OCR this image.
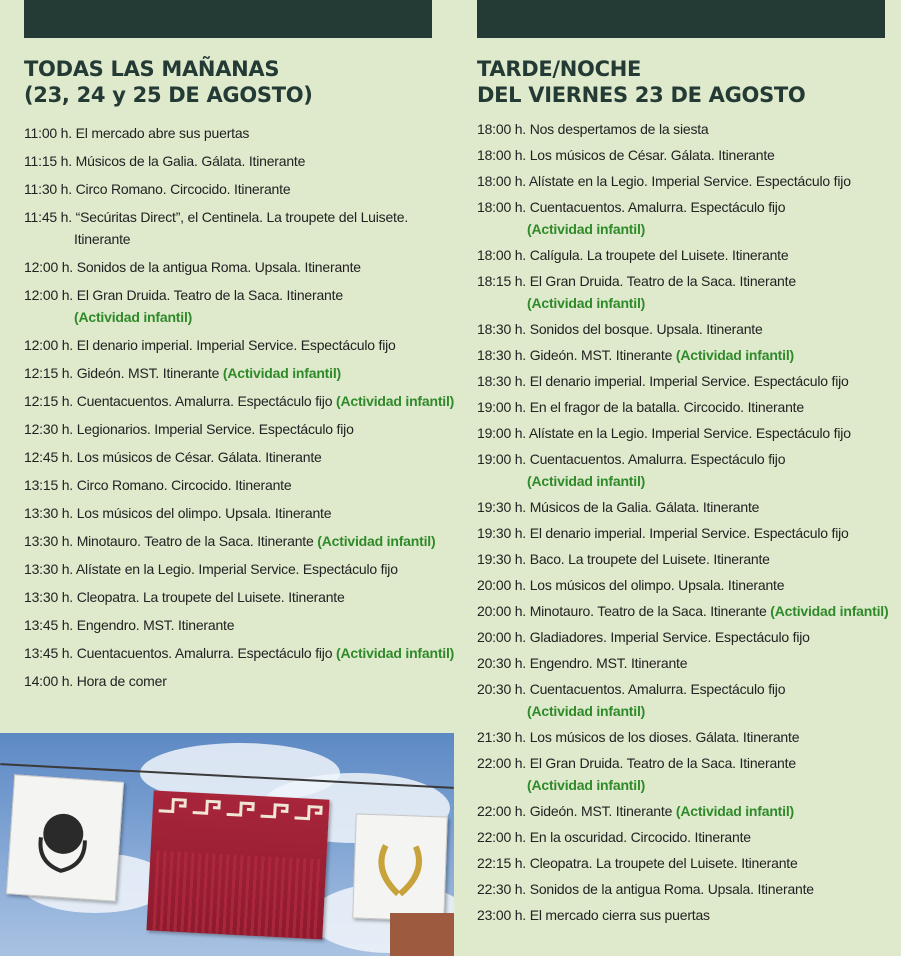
TODAS LAS MAÑANAS
(23, 24 y 25 DE AGOSTO)
11:00 h. El mercado abre sus puertas
11:15 h. Músicos de la Galia. Gálata. Itinerante
11:30 h. Circo Romano. Circocido. Itinerante
11:45 h. “Secúritas Direct”, el Centinela. La troupete del Luisete.
Itinerante
12:00 h. Sonidos de la antigua Roma. Upsala. Itinerante
12:00 h. El Gran Druida. Teatro de la Saca. Itinerante
(Actividad infantil)
12:00 h. El denario imperial. Imperial Service. Espectáculo fijo
12:15 h. Gideón. MST. Itinerante (Actividad infantil)
12:15 h. Cuentacuentos. Amalurra. Espectáculo fijo (Actividad infantil)
12:30 h. Legionarios. Imperial Service. Espectáculo fijo
12:45 h. Los músicos de César. Gálata. Itinerante
13:15 h. Circo Romano. Circocido. Itinerante
13:30 h. Los músicos del olimpo. Upsala. Itinerante
13:30 h. Minotauro. Teatro de la Saca. Itinerante (Actividad infantil)
13:30 h. Alístate en la Legio. Imperial Service. Espectáculo fijo
13:30 h. Cleopatra. La troupete del Luisete. Itinerante
13:45 h. Engendro. MST. Itinerante
13:45 h. Cuentacuentos. Amalurra. Espectáculo fijo (Actividad infantil)
14:00 h. Hora de comer
TARDE/NOCHE
DEL VIERNES 23 DE AGOSTO
18:00 h. Nos despertamos de la siesta
18:00 h. Los músicos de César. Gálata. Itinerante
18:00 h. Alístate en la Legio. Imperial Service. Espectáculo fijo
18:00 h. Cuentacuentos. Amalurra. Espectáculo fijo
(Actividad infantil)
18:00 h. Calígula. La troupete del Luisete. Itinerante
18:15 h. El Gran Druida. Teatro de la Saca. Itinerante
(Actividad infantil)
18:30 h. Sonidos del bosque. Upsala. Itinerante
18:30 h. Gideón. MST. Itinerante (Actividad infantil)
18:30 h. El denario imperial. Imperial Service. Espectáculo fijo
19:00 h. En el fragor de la batalla. Circocido. Itinerante
19:00 h. Alístate en la Legio. Imperial Service. Espectáculo fijo
19:00 h. Cuentacuentos. Amalurra. Espectáculo fijo
(Actividad infantil)
19:30 h. Músicos de la Galia. Gálata. Itinerante
19:30 h. El denario imperial. Imperial Service. Espectáculo fijo
19:30 h. Baco. La troupete del Luisete. Itinerante
20:00 h. Los músicos del olimpo. Upsala. Itinerante
20:00 h. Minotauro. Teatro de la Saca. Itinerante (Actividad infantil)
20:00 h. Gladiadores. Imperial Service. Espectáculo fijo
20:30 h. Engendro. MST. Itinerante
20:30 h. Cuentacuentos. Amalurra. Espectáculo fijo
(Actividad infantil)
21:30 h. Los músicos de los dioses. Gálata. Itinerante
22:00 h. El Gran Druida. Teatro de la Saca. Itinerante
(Actividad infantil)
22:00 h. Gideón. MST. Itinerante (Actividad infantil)
22:00 h. En la oscuridad. Circocido. Itinerante
22:15 h. Cleopatra. La troupete del Luisete. Itinerante
22:30 h. Sonidos de la antigua Roma. Upsala. Itinerante
23:00 h. El mercado cierra sus puertas
